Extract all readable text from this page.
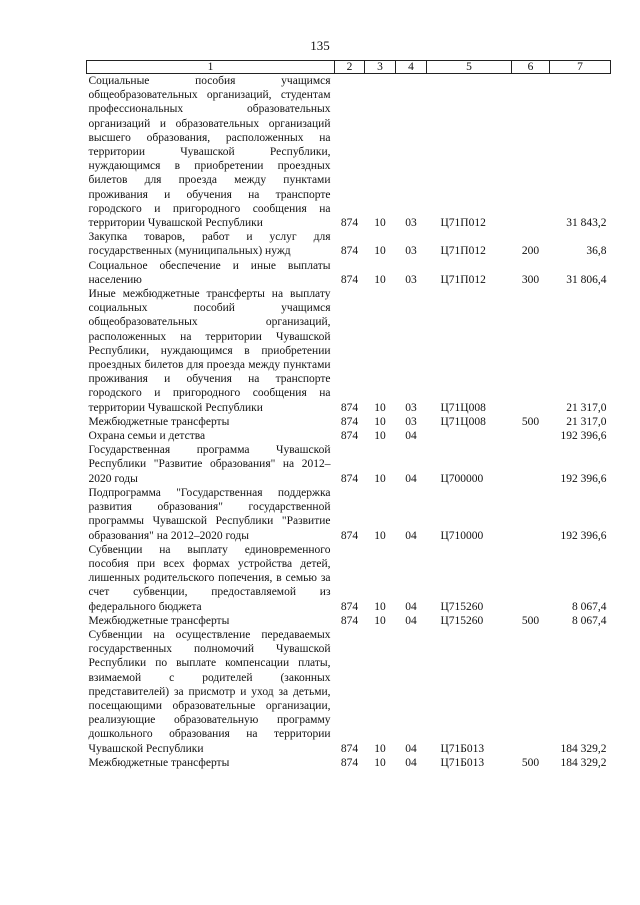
135
1	2	3	4	5	6	7
Социальные пособия учащимся общеобразовательных организаций, студентам профессиональных образовательных организаций и образовательных организаций высшего образования, расположенных на территории Чувашской Республики, нуждающимся в приобретении проездных билетов для проезда между пунктами проживания и обучения на транспорте городского и пригородного сообщения на территории Чувашской Республики	874	10	03	Ц71П012		31 843,2
Закупка товаров, работ и услуг для государственных (муниципальных) нужд	874	10	03	Ц71П012	200	36,8
Социальное обеспечение и иные выплаты населению	874	10	03	Ц71П012	300	31 806,4
Иные межбюджетные трансферты на выплату социальных пособий учащимся общеобразовательных организаций, расположенных на территории Чувашской Республики, нуждающимся в приобретении проездных билетов для проезда между пунктами проживания и обучения на транспорте городского и пригородного сообщения на территории Чувашской Республики	874	10	03	Ц71Ц008		21 317,0
Межбюджетные трансферты	874	10	03	Ц71Ц008	500	21 317,0
Охрана семьи и детства	874	10	04			192 396,6
Государственная программа Чувашской Республики "Развитие образования" на 2012–2020 годы	874	10	04	Ц700000		192 396,6
Подпрограмма "Государственная поддержка развития образования" государственной программы Чувашской Республики "Развитие образования" на 2012–2020 годы	874	10	04	Ц710000		192 396,6
Субвенции на выплату единовременного пособия при всех формах устройства детей, лишенных родительского попечения, в семью за счет субвенции, предоставляемой из федерального бюджета	874	10	04	Ц715260		8 067,4
Межбюджетные трансферты	874	10	04	Ц715260	500	8 067,4
Субвенции на осуществление передаваемых государственных полномочий Чувашской Республики по выплате компенсации платы, взимаемой с родителей (законных представителей) за присмотр и уход за детьми, посещающими образовательные организации, реализующие образовательную программу дошкольного образования на территории Чувашской Республики	874	10	04	Ц71Б013		184 329,2
Межбюджетные трансферты	874	10	04	Ц71Б013	500	184 329,2
